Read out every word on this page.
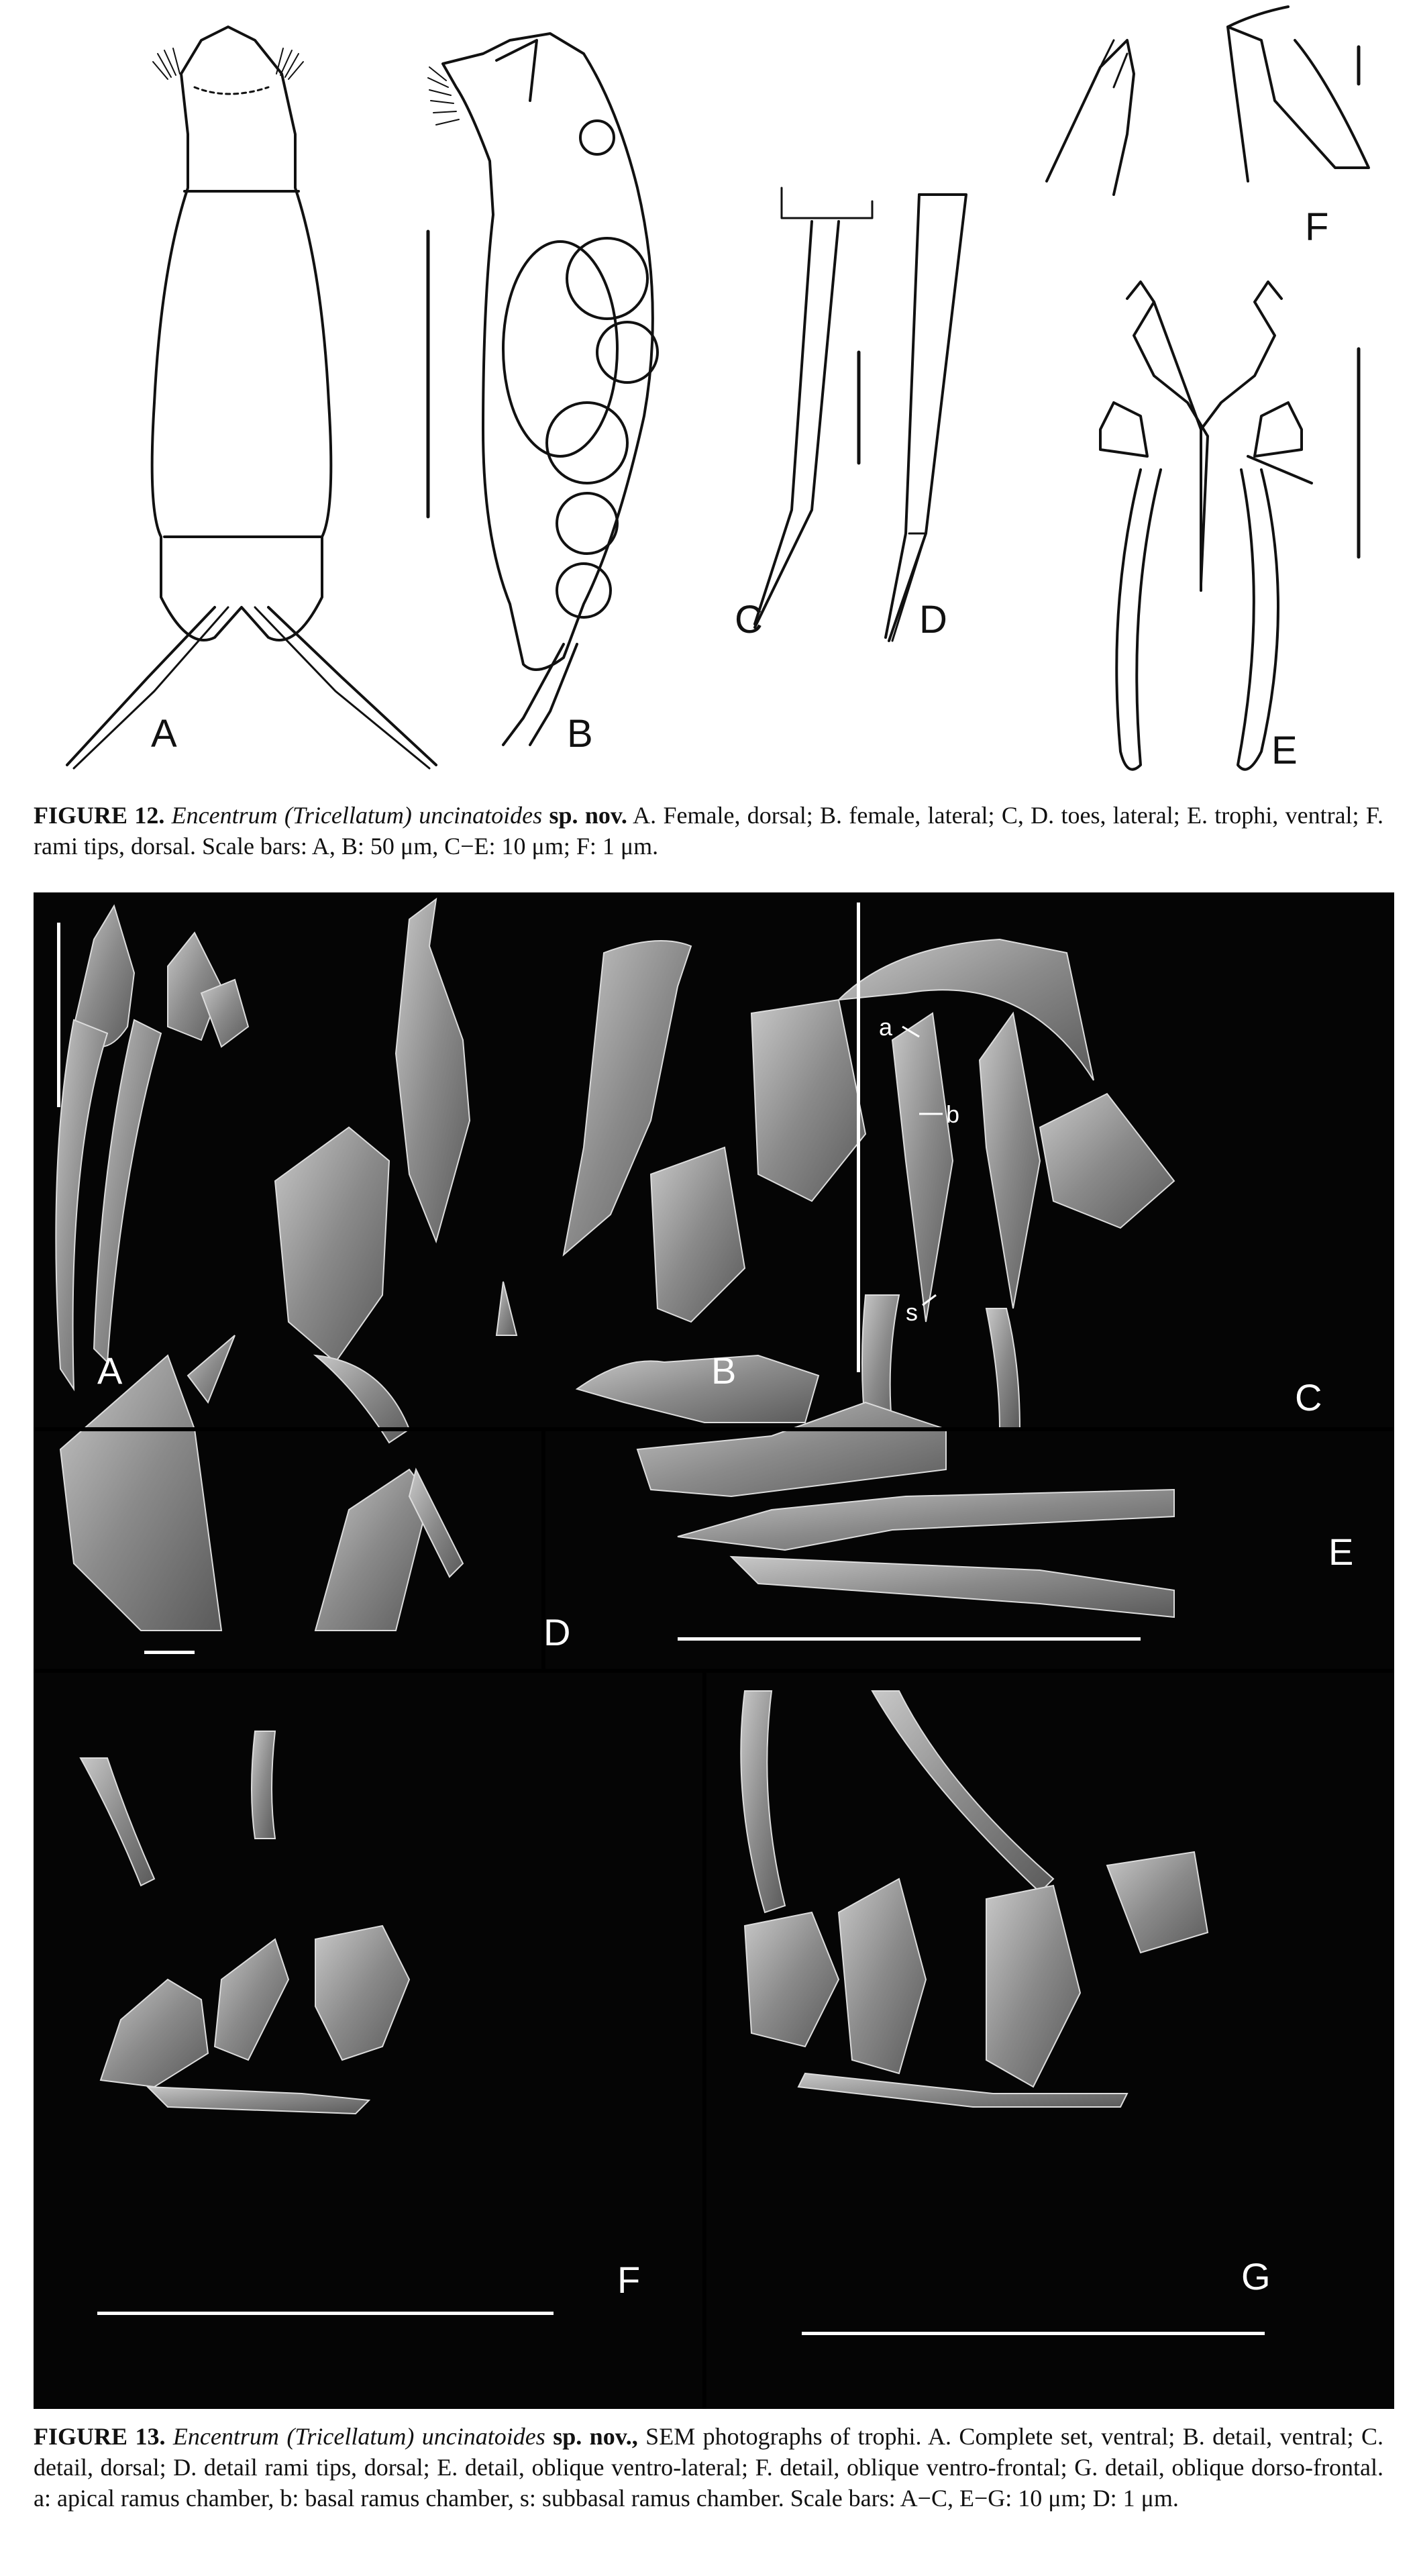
A	B
C	D
E
F
FIGURE 12. Encentrum (Tricellatum) uncinatoides sp. nov. A. Female, dorsal; B. female, lateral; C, D. toes, lateral; E. trophi, ventral; F. rami tips, dorsal. Scale bars: A, B: 50 μm, C−E: 10 μm; F: 1 μm.
a
b
s
A	B
C
D
E
F	G
FIGURE 13. Encentrum (Tricellatum) uncinatoides sp. nov., SEM photographs of trophi. A. Complete set, ventral; B. detail, ventral; C. detail, dorsal; D. detail rami tips, dorsal; E. detail, oblique ventro-lateral; F. detail, oblique ventro-frontal; G. detail, oblique dorso-frontal. a: apical ramus chamber, b: basal ramus chamber, s: subbasal ramus chamber. Scale bars: A−C, E−G: 10 μm; D: 1 μm.
